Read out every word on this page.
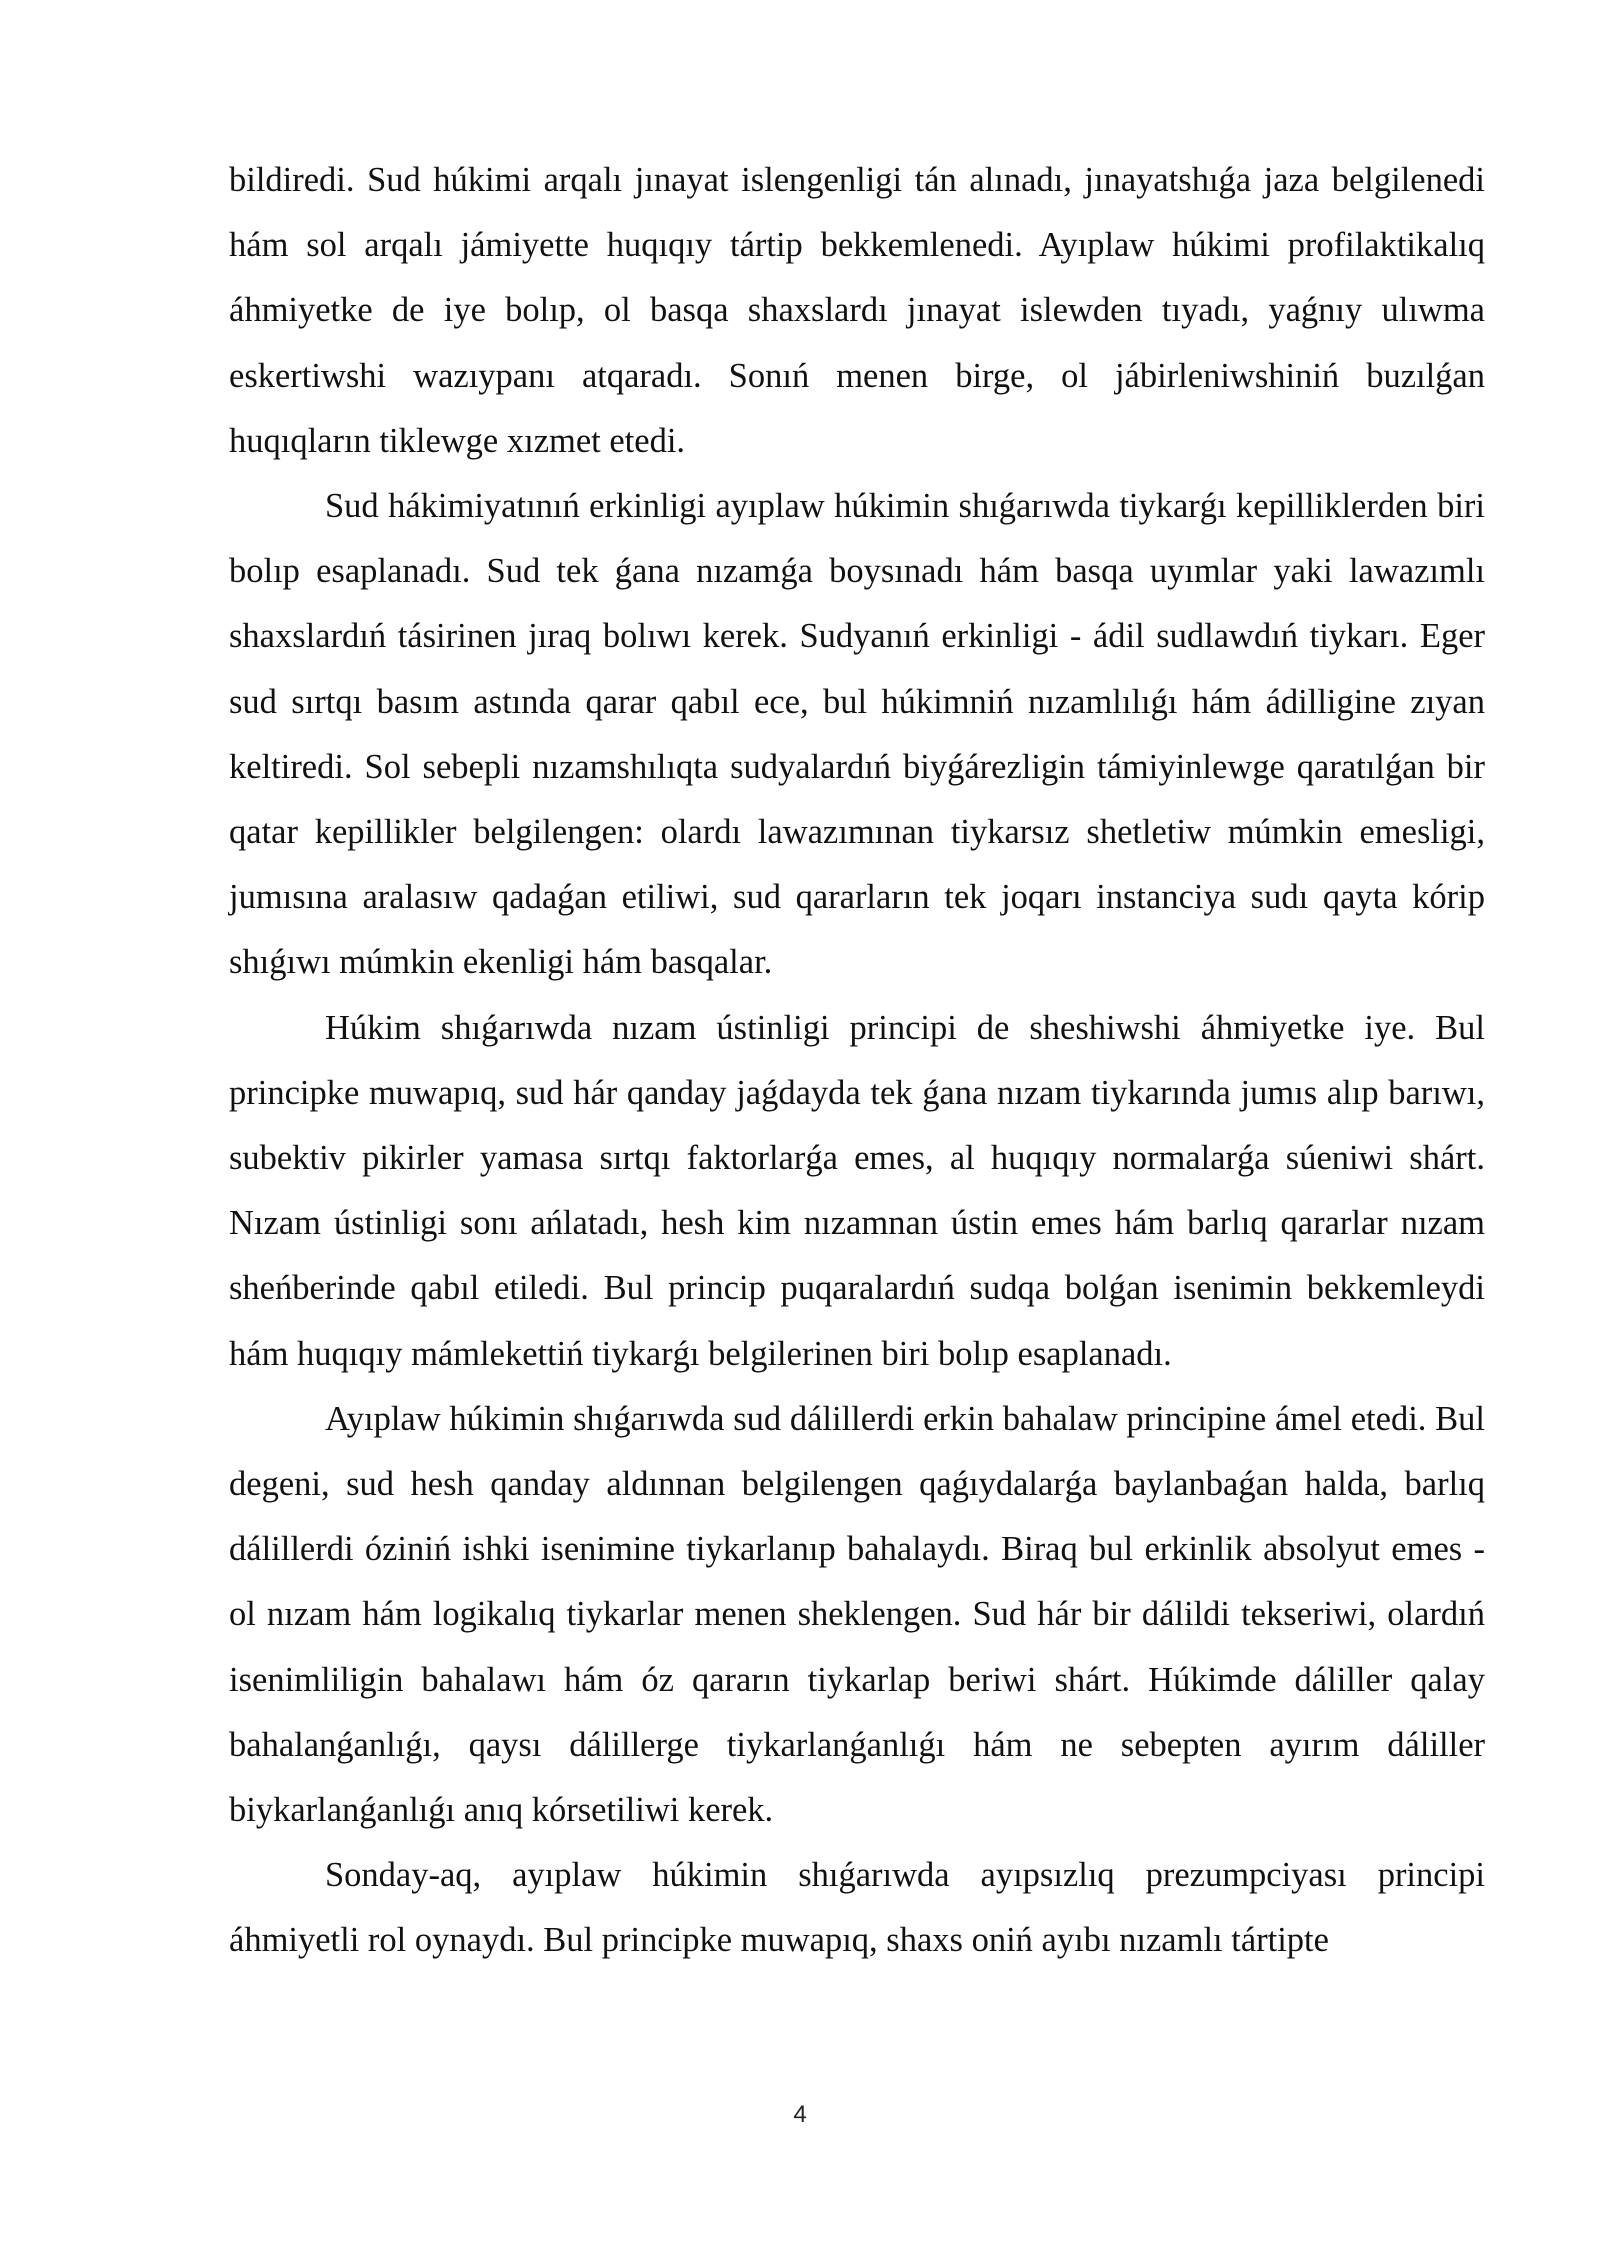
bildiredi. Sud húkimi arqalı jınayat islengenligi tán alınadı, jınayatshıǵa jaza belgilenedi hám sol arqalı jámiyette huqıqıy tártip bekkemlenedi. Ayıplaw húkimi profilaktikalıq áhmiyetke de iye bolıp, ol basqa shaxslardı jınayat islewden tıyadı, yaǵnıy ulıwma eskertiwshi wazıypanı atqaradı. Sonıń menen birge, ol jábirleniwshiniń buzılǵan huqıqların tiklewge xızmet etedi.

Sud hákimiyatınıń erkinligi ayıplaw húkimin shıǵarıwda tiykarǵı kepilliklerden biri bolıp esaplanadı. Sud tek ǵana nızamǵa boysınadı hám basqa uyımlar yaki lawazımlı shaxslardıń tásirinen jıraq bolıwı kerek. Sudyanıń erkinligi - ádil sudlawdıń tiykarı. Eger sud sırtqı basım astında qarar qabıl ece, bul húkimniń nızamlılıǵı hám ádilligine zıyan keltiredi. Sol sebepli nızamshılıqta sudyalardıń biyǵárezligin támiyinlewge qaratılǵan bir qatar kepillikler belgilengen: olardı lawazımınan tiykarsız shetletiw múmkin emesligi, jumısına aralasıw qadaǵan etiliwi, sud qararların tek joqarı instanciya sudı qayta kórip shıǵıwı múmkin ekenligi hám basqalar.

Húkim shıǵarıwda nızam ústinligi principi de sheshiwshi áhmiyetke iye. Bul principke muwapıq, sud hár qanday jaǵdayda tek ǵana nızam tiykarında jumıs alıp barıwı, subektiv pikirler yamasa sırtqı faktorlarǵa emes, al huqıqıy normalarǵa súeniwi shárt. Nızam ústinligi sonı ańlatadı, hesh kim nızamnan ústin emes hám barlıq qararlar nızam sheńberinde qabıl etiledi. Bul princip puqaralardıń sudqa bolǵan isenimin bekkemleydi hám huqıqıy mámlekettiń tiykarǵı belgilerinen biri bolıp esaplanadı.

Ayıplaw húkimin shıǵarıwda sud dálillerdi erkin bahalaw principine ámel etedi. Bul degeni, sud hesh qanday aldınnan belgilengen qaǵıydalarǵa baylanbaǵan halda, barlıq dálillerdi óziniń ishki isenimine tiykarlanıp bahalaydı. Biraq bul erkinlik absolyut emes - ol nızam hám logikalıq tiykarlar menen sheklengen. Sud hár bir dálildi tekseriwi, olardıń isenimliligin bahalawı hám óz qararın tiykarlap beriwi shárt. Húkimde dáliller qalay bahalanǵanlıǵı, qaysı dálillerge tiykarlanǵanlıǵı hám ne sebepten ayırım dáliller biykarlanǵanlıǵı anıq kórsetiliwi kerek.

Sonday-aq, ayıplaw húkimin shıǵarıwda ayıpsızlıq prezumpciyası principi áhmiyetli rol oynaydı. Bul principke muwapıq, shaxs oniń ayıbı nızamlı tártipte

4
